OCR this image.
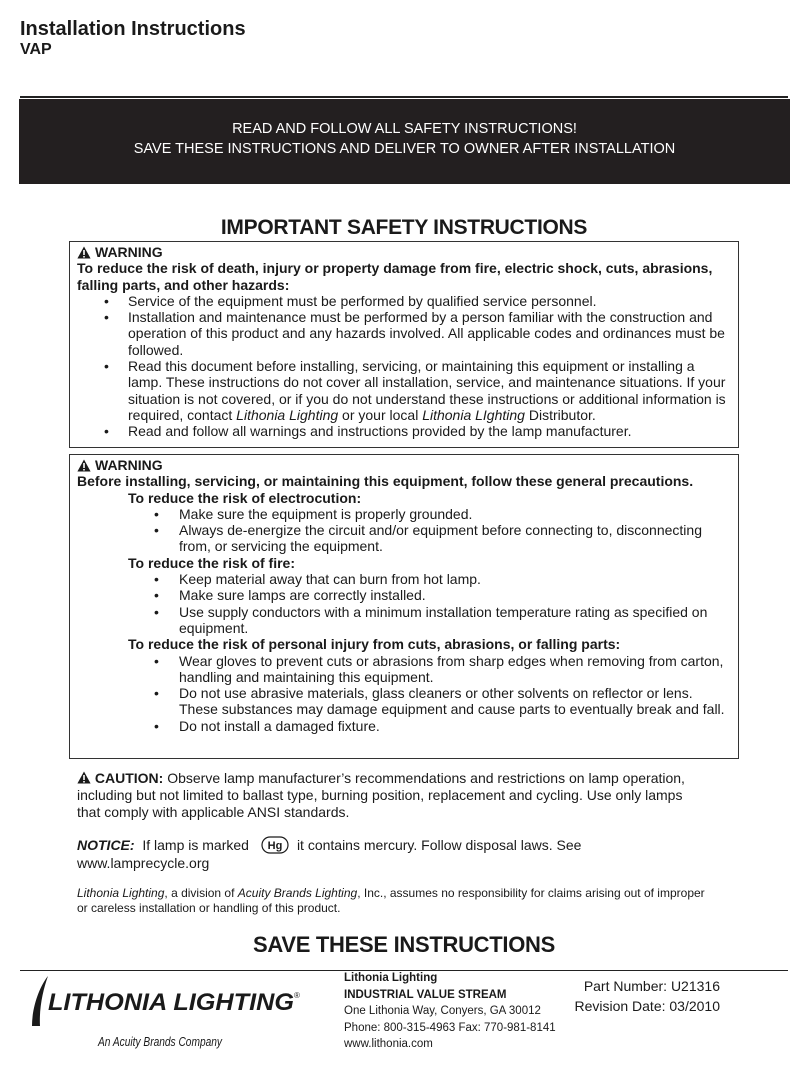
Installation Instructions
VAP
READ AND FOLLOW ALL SAFETY INSTRUCTIONS!
SAVE THESE INSTRUCTIONS AND DELIVER TO OWNER AFTER INSTALLATION
IMPORTANT SAFETY INSTRUCTIONS
WARNING
To reduce the risk of death, injury or property damage from fire, electric shock, cuts, abrasions, falling parts, and other hazards:
• Service of the equipment must be performed by qualified service personnel.
• Installation and maintenance must be performed by a person familiar with the construction and operation of this product and any hazards involved. All applicable codes and ordinances must be followed.
• Read this document before installing, servicing, or maintaining this equipment or installing a lamp. These instructions do not cover all installation, service, and maintenance situations. If your situation is not covered, or if you do not understand these instructions or additional information is required, contact Lithonia Lighting or your local Lithonia LIghting Distributor.
• Read and follow all warnings and instructions provided by the lamp manufacturer.
WARNING
Before installing, servicing, or maintaining this equipment, follow these general precautions.
To reduce the risk of electrocution:
• Make sure the equipment is properly grounded.
• Always de-energize the circuit and/or equipment before connecting to, disconnecting from, or servicing the equipment.
To reduce the risk of fire:
• Keep material away that can burn from hot lamp.
• Make sure lamps are correctly installed.
• Use supply conductors with a minimum installation temperature rating as specified on equipment.
To reduce the risk of personal injury from cuts, abrasions, or falling parts:
• Wear gloves to prevent cuts or abrasions from sharp edges when removing from carton, handling and maintaining this equipment.
• Do not use abrasive materials, glass cleaners or other solvents on reflector or lens. These substances may damage equipment and cause parts to eventually break and fall.
• Do not install a damaged fixture.
CAUTION: Observe lamp manufacturer’s recommendations and restrictions on lamp operation, including but not limited to ballast type, burning position, replacement and cycling. Use only lamps that comply with applicable ANSI standards.
NOTICE: If lamp is marked Hg it contains mercury. Follow disposal laws. See www.lamprecycle.org
Lithonia Lighting, a division of Acuity Brands Lighting, Inc., assumes no responsibility for claims arising out of improper or careless installation or handling of this product.
SAVE THESE INSTRUCTIONS
LITHONIA LIGHTING ®
An Acuity Brands Company
Lithonia Lighting
INDUSTRIAL VALUE STREAM
One Lithonia Way, Conyers, GA 30012
Phone: 800-315-4963 Fax: 770-981-8141
www.lithonia.com
Part Number: U21316
Revision Date: 03/2010
